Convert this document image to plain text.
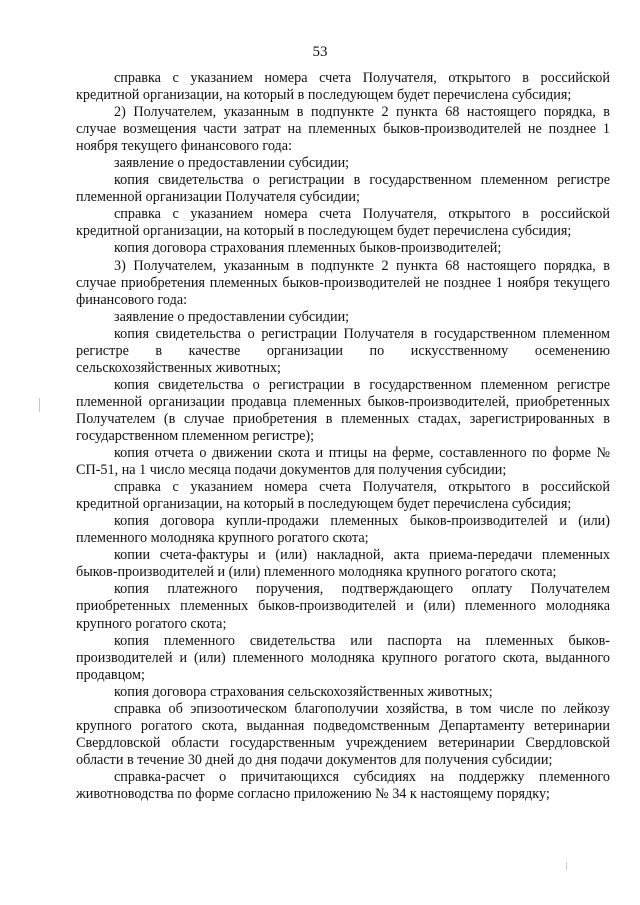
53

справка с указанием номера счета Получателя, открытого в российской кредитной организации, на который в последующем будет перечислена субсидия;

2) Получателем, указанным в подпункте 2 пункта 68 настоящего порядка, в случае возмещения части затрат на племенных быков-производителей не позднее 1 ноября текущего финансового года:

заявление о предоставлении субсидии;

копия свидетельства о регистрации в государственном племенном регистре племенной организации Получателя субсидии;

справка с указанием номера счета Получателя, открытого в российской кредитной организации, на который в последующем будет перечислена субсидия;

копия договора страхования племенных быков-производителей;

3) Получателем, указанным в подпункте 2 пункта 68 настоящего порядка, в случае приобретения племенных быков-производителей не позднее 1 ноября текущего финансового года:

заявление о предоставлении субсидии;

копия свидетельства о регистрации Получателя в государственном племенном регистре в качестве организации по искусственному осеменению сельскохозяйственных животных;

копия свидетельства о регистрации в государственном племенном регистре племенной организации продавца племенных быков-производителей, приобретенных Получателем (в случае приобретения в племенных стадах, зарегистрированных в государственном племенном регистре);

копия отчета о движении скота и птицы на ферме, составленного по форме № СП-51, на 1 число месяца подачи документов для получения субсидии;

справка с указанием номера счета Получателя, открытого в российской кредитной организации, на который в последующем будет перечислена субсидия;

копия договора купли-продажи племенных быков-производителей и (или) племенного молодняка крупного рогатого скота;

копии счета-фактуры и (или) накладной, акта приема-передачи племенных быков-производителей и (или) племенного молодняка крупного рогатого скота;

копия платежного поручения, подтверждающего оплату Получателем приобретенных племенных быков-производителей и (или) племенного молодняка крупного рогатого скота;

копия племенного свидетельства или паспорта на племенных быков-производителей и (или) племенного молодняка крупного рогатого скота, выданного продавцом;

копия договора страхования сельскохозяйственных животных;

справка об эпизоотическом благополучии хозяйства, в том числе по лейкозу крупного рогатого скота, выданная подведомственным Департаменту ветеринарии Свердловской области государственным учреждением ветеринарии Свердловской области в течение 30 дней до дня подачи документов для получения субсидии;

справка-расчет о причитающихся субсидиях на поддержку племенного животноводства по форме согласно приложению № 34 к настоящему порядку;
